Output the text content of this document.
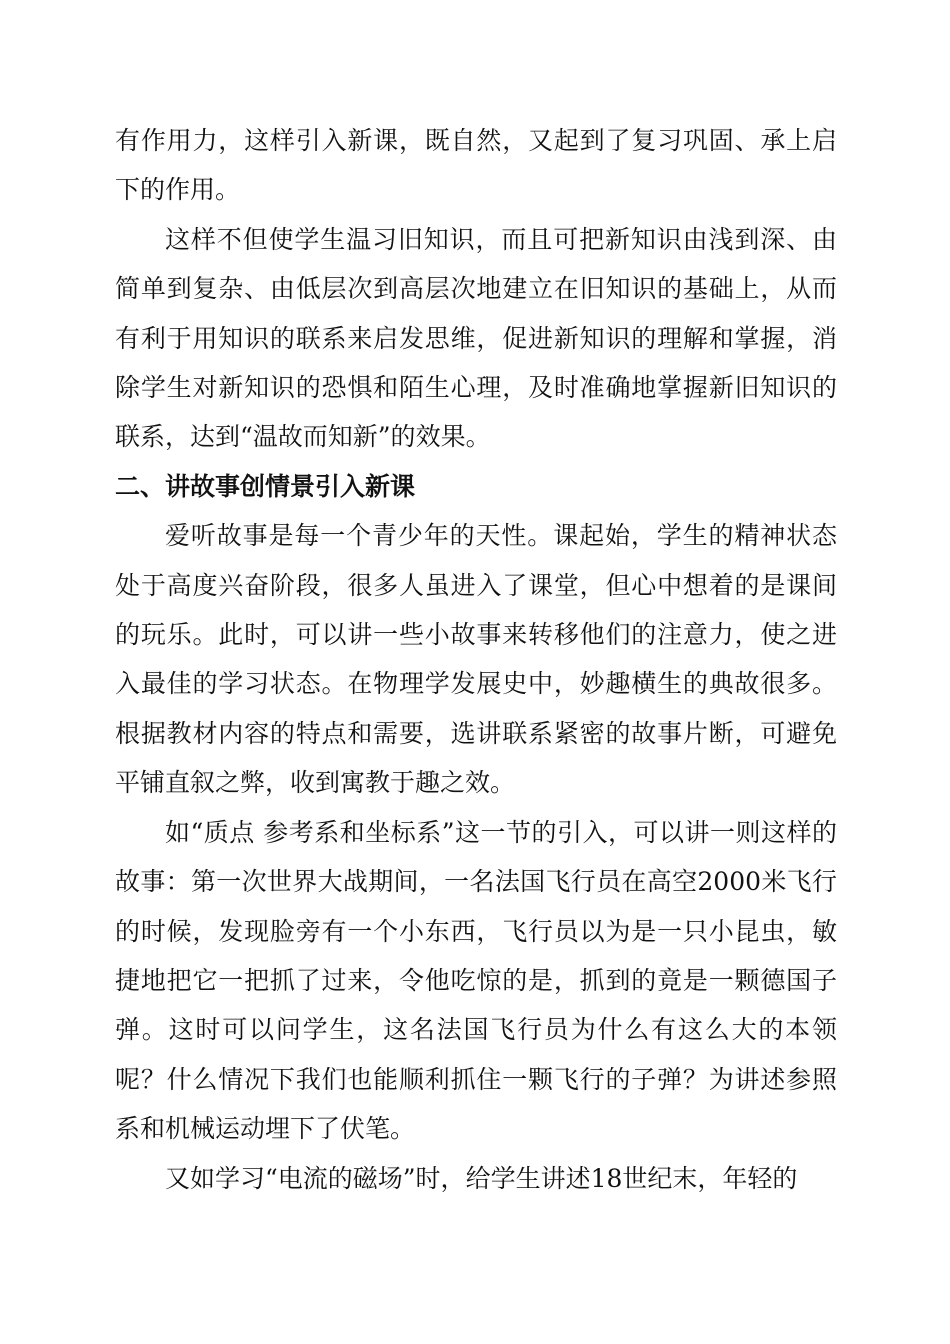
有作用力，这样引入新课，既自然，又起到了复习巩固、承上启下的作用。

这样不但使学生温习旧知识，而且可把新知识由浅到深、由简单到复杂、由低层次到高层次地建立在旧知识的基础上，从而有利于用知识的联系来启发思维，促进新知识的理解和掌握，消除学生对新知识的恐惧和陌生心理，及时准确地掌握新旧知识的联系，达到“温故而知新”的效果。

二、讲故事创情景引入新课

爱听故事是每一个青少年的天性。课起始，学生的精神状态处于高度兴奋阶段，很多人虽进入了课堂，但心中想着的是课间的玩乐。此时，可以讲一些小故事来转移他们的注意力，使之进入最佳的学习状态。在物理学发展史中，妙趣横生的典故很多。根据教材内容的特点和需要，选讲联系紧密的故事片断，可避免平铺直叙之弊，收到寓教于趣之效。

如“质点 参考系和坐标系”这一节的引入，可以讲一则这样的故事：第一次世界大战期间，一名法国飞行员在高空2000米飞行的时候，发现脸旁有一个小东西，飞行员以为是一只小昆虫，敏捷地把它一把抓了过来，令他吃惊的是，抓到的竟是一颗德国子弹。这时可以问学生，这名法国飞行员为什么有这么大的本领呢？什么情况下我们也能顺利抓住一颗飞行的子弹？为讲述参照系和机械运动埋下了伏笔。

又如学习“电流的磁场”时，给学生讲述18世纪末，年轻的
